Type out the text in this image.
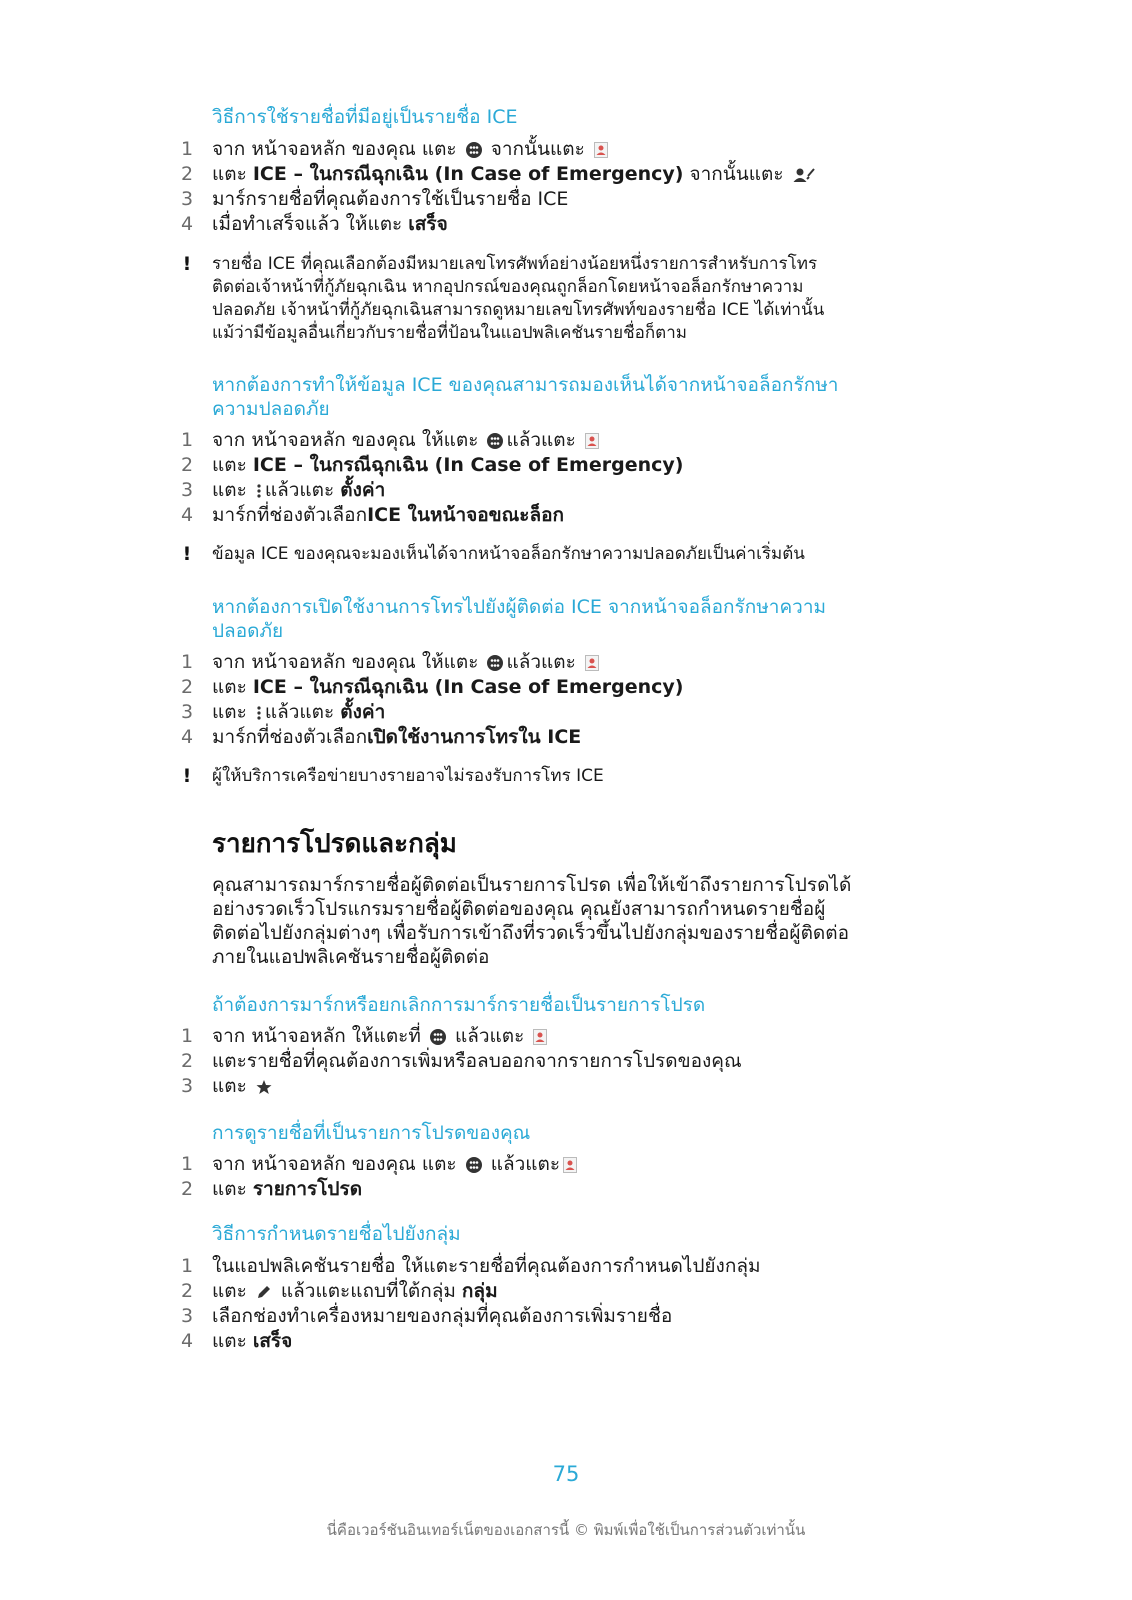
วิธีการใช้รายชื่อที่มีอยู่เป็นรายชื่อ ICE
1 จาก หน้าจอหลัก ของคุณ แตะ จากนั้นแตะ
2 แตะ ICE – ในกรณีฉุกเฉิน (In Case of Emergency) จากนั้นแตะ
3 มาร์กรายชื่อที่คุณต้องการใช้เป็นรายชื่อ ICE
4 เมื่อทำเสร็จแล้ว ให้แตะ เสร็จ
! รายชื่อ ICE ที่คุณเลือกต้องมีหมายเลขโทรศัพท์อย่างน้อยหนึ่งรายการสำหรับการโทร
ติดต่อเจ้าหน้าที่กู้ภัยฉุกเฉิน หากอุปกรณ์ของคุณถูกล็อกโดยหน้าจอล็อกรักษาความ
ปลอดภัย เจ้าหน้าที่กู้ภัยฉุกเฉินสามารถดูหมายเลขโทรศัพท์ของรายชื่อ ICE ได้เท่านั้น
แม้ว่ามีข้อมูลอื่นเกี่ยวกับรายชื่อที่ป้อนในแอปพลิเคชันรายชื่อก็ตาม
หากต้องการทำให้ข้อมูล ICE ของคุณสามารถมองเห็นได้จากหน้าจอล็อกรักษา
ความปลอดภัย
1 จาก หน้าจอหลัก ของคุณ ให้แตะ แล้วแตะ
2 แตะ ICE – ในกรณีฉุกเฉิน (In Case of Emergency)
3 แตะ แล้วแตะ ตั้งค่า
4 มาร์กที่ช่องตัวเลือกICE ในหน้าจอขณะล็อก
! ข้อมูล ICE ของคุณจะมองเห็นได้จากหน้าจอล็อกรักษาความปลอดภัยเป็นค่าเริ่มต้น
หากต้องการเปิดใช้งานการโทรไปยังผู้ติดต่อ ICE จากหน้าจอล็อกรักษาความ
ปลอดภัย
1 จาก หน้าจอหลัก ของคุณ ให้แตะ แล้วแตะ
2 แตะ ICE – ในกรณีฉุกเฉิน (In Case of Emergency)
3 แตะ แล้วแตะ ตั้งค่า
4 มาร์กที่ช่องตัวเลือกเปิดใช้งานการโทรใน ICE
! ผู้ให้บริการเครือข่ายบางรายอาจไม่รองรับการโทร ICE
รายการโปรดและกลุ่ม
คุณสามารถมาร์กรายชื่อผู้ติดต่อเป็นรายการโปรด เพื่อให้เข้าถึงรายการโปรดได้
อย่างรวดเร็วโปรแกรมรายชื่อผู้ติดต่อของคุณ คุณยังสามารถกำหนดรายชื่อผู้
ติดต่อไปยังกลุ่มต่างๆ เพื่อรับการเข้าถึงที่รวดเร็วขึ้นไปยังกลุ่มของรายชื่อผู้ติดต่อ
ภายในแอปพลิเคชันรายชื่อผู้ติดต่อ
ถ้าต้องการมาร์กหรือยกเลิกการมาร์กรายชื่อเป็นรายการโปรด
1 จาก หน้าจอหลัก ให้แตะที่ แล้วแตะ
2 แตะรายชื่อที่คุณต้องการเพิ่มหรือลบออกจากรายการโปรดของคุณ
3 แตะ
การดูรายชื่อที่เป็นรายการโปรดของคุณ
1 จาก หน้าจอหลัก ของคุณ แตะ แล้วแตะ
2 แตะ รายการโปรด
วิธีการกำหนดรายชื่อไปยังกลุ่ม
1 ในแอปพลิเคชันรายชื่อ ให้แตะรายชื่อที่คุณต้องการกำหนดไปยังกลุ่ม
2 แตะ แล้วแตะแถบที่ใต้กลุ่ม กลุ่ม
3 เลือกช่องทำเครื่องหมายของกลุ่มที่คุณต้องการเพิ่มรายชื่อ
4 แตะ เสร็จ
75
นี่คือเวอร์ชันอินเทอร์เน็ตของเอกสารนี้ © พิมพ์เพื่อใช้เป็นการส่วนตัวเท่านั้น
